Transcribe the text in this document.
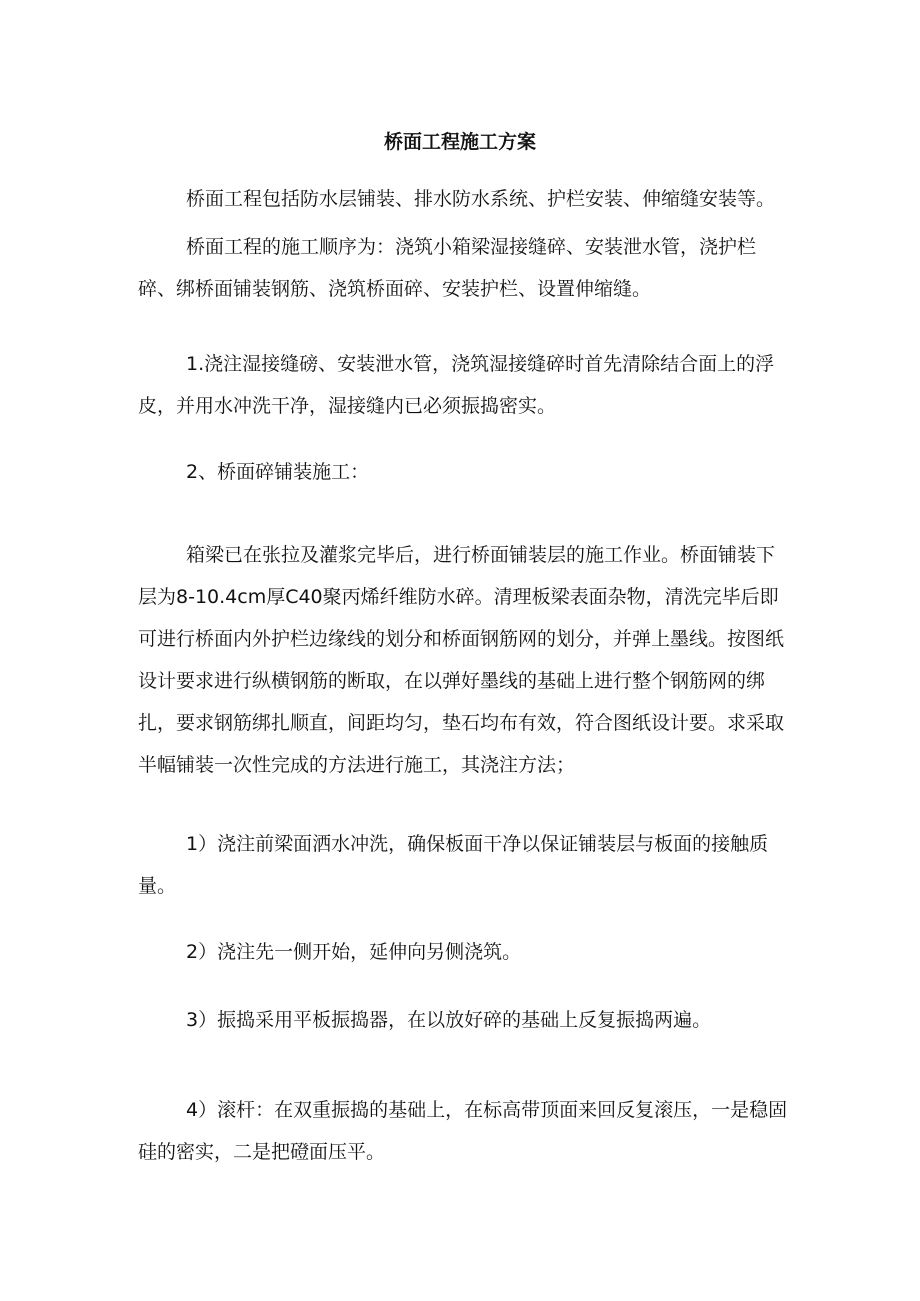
桥面工程施工方案

桥面工程包括防水层铺装、排水防水系统、护栏安装、伸缩缝安装等。

桥面工程的施工顺序为：浇筑小箱梁湿接缝碎、安装泄水管，浇护栏碎、绑桥面铺装钢筋、浇筑桥面碎、安装护栏、设置伸缩缝。

1.浇注湿接缝磅、安装泄水管，浇筑湿接缝碎时首先清除结合面上的浮皮，并用水冲洗干净，湿接缝内已必须振捣密实。

2、桥面碎铺装施工：

箱梁已在张拉及灌浆完毕后，进行桥面铺装层的施工作业。桥面铺装下层为8-10.4cm厚C40聚丙烯纤维防水碎。清理板梁表面杂物，清洗完毕后即可进行桥面内外护栏边缘线的划分和桥面钢筋网的划分，并弹上墨线。按图纸设计要求进行纵横钢筋的断取，在以弹好墨线的基础上进行整个钢筋网的绑扎，要求钢筋绑扎顺直，间距均匀，垫石均布有效，符合图纸设计要。求采取半幅铺装一次性完成的方法进行施工，其浇注方法；

1）浇注前梁面洒水冲洗，确保板面干净以保证铺装层与板面的接触质量。

2）浇注先一侧开始，延伸向另侧浇筑。

3）振捣采用平板振捣器，在以放好碎的基础上反复振捣两遍。

4）滚杆：在双重振捣的基础上，在标高带顶面来回反复滚压，一是稳固硅的密实，二是把磴面压平。
